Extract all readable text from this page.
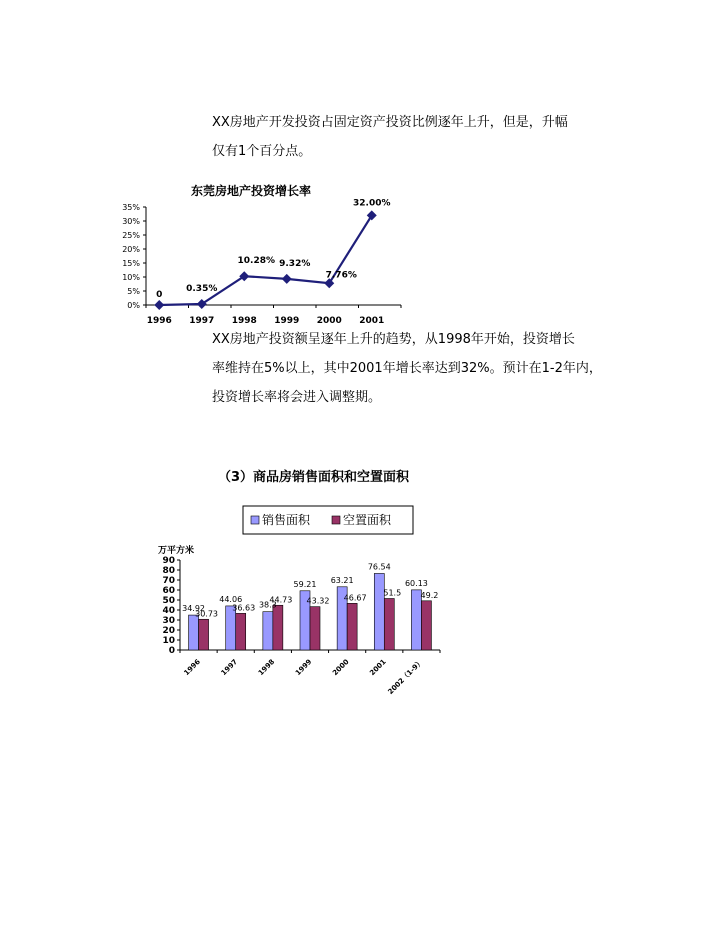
XX房地产开发投资占固定资产投资比例逐年上升，但是，升幅
仅有1个百分点。
东莞房地产投资增长率
0%
5%
10%
15%
20%
25%
30%
35%
1996 1997 1998 1999 2000 2001
0
0.35%
10.28% 9.32%
7.76%
32.00%
XX房地产投资额呈逐年上升的趋势，从1998年开始，投资增长
率维持在5%以上，其中2001年增长率达到32%。预计在1-2年内，
投资增长率将会进入调整期。
（3）商品房销售面积和空置面积
销售面积	空置面积
万平方米
0
10
20
30
40
50
60
70
80
90
34.92
30.73
1996
44.06
36.63
1997
38.3
44.73
1998
59.21
43.32
1999
63.21
46.67
2000
76.54
51.5
2001
60.13
49.2
2002（1-9）
